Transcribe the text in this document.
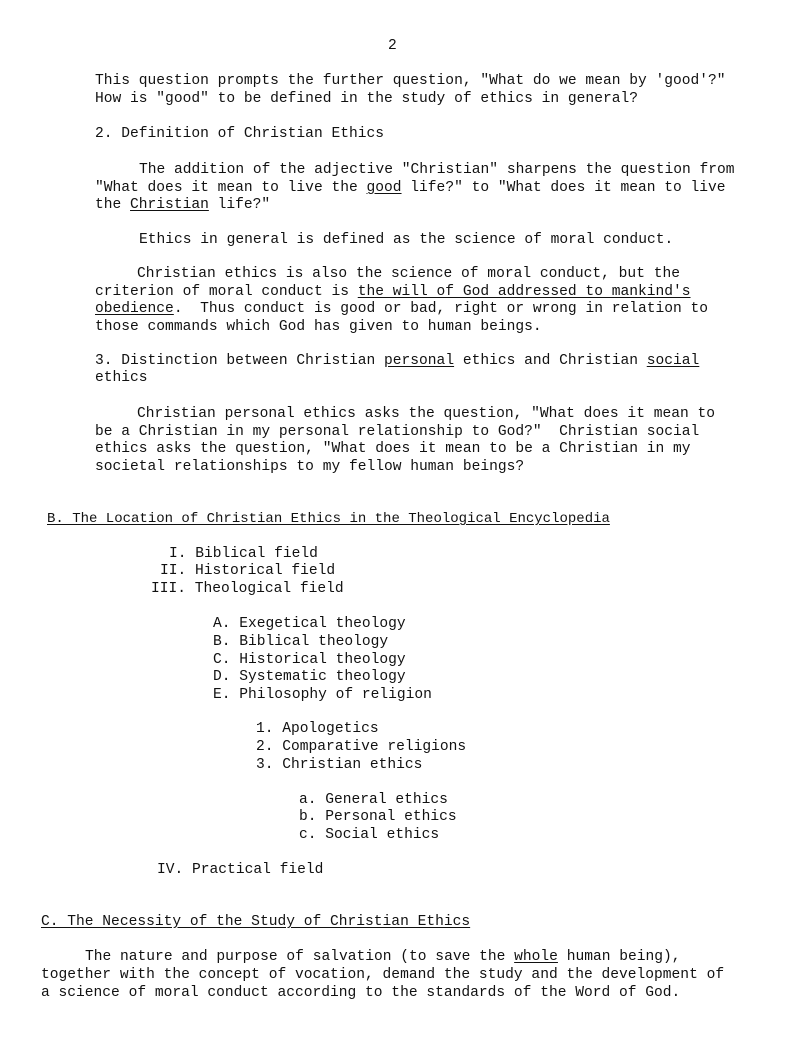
2
This question prompts the further question, "What do we mean by 'good'?"
How is "good" to be defined in the study of ethics in general?
2. Definition of Christian Ethics
The addition of the adjective "Christian" sharpens the question from
"What does it mean to live the good life?" to "What does it mean to live
the Christian life?"
Ethics in general is defined as the science of moral conduct.
Christian ethics is also the science of moral conduct, but the
criterion of moral conduct is the will of God addressed to mankind's
obedience.  Thus conduct is good or bad, right or wrong in relation to
those commands which God has given to human beings.
3. Distinction between Christian personal ethics and Christian social
ethics
Christian personal ethics asks the question, "What does it mean to
be a Christian in my personal relationship to God?"  Christian social
ethics asks the question, "What does it mean to be a Christian in my
societal relationships to my fellow human beings?
B. The Location of Christian Ethics in the Theological Encyclopedia
I. Biblical field
II. Historical field
III. Theological field
A. Exegetical theology
B. Biblical theology
C. Historical theology
D. Systematic theology
E. Philosophy of religion
1. Apologetics
2. Comparative religions
3. Christian ethics
a. General ethics
b. Personal ethics
c. Social ethics
IV. Practical field
C. The Necessity of the Study of Christian Ethics
The nature and purpose of salvation (to save the whole human being),
together with the concept of vocation, demand the study and the development of
a science of moral conduct according to the standards of the Word of God.
